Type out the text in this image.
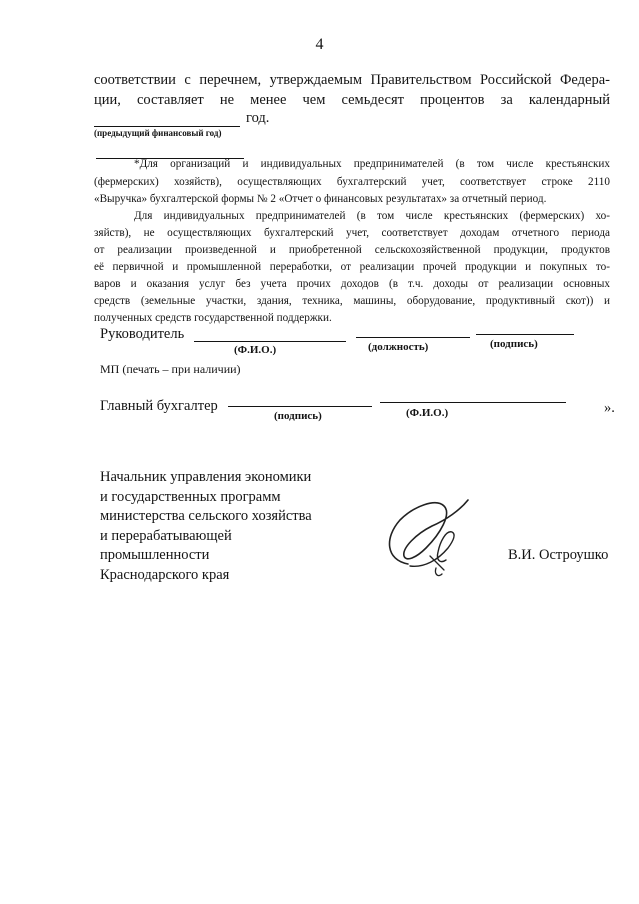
4
соответствии с перечнем, утверждаемым Правительством Российской Федера-
ции, составляет не менее чем семьдесят процентов за календарный
год.
(предыдущий финансовый год)
*Для организаций и индивидуальных предпринимателей (в том числе крестьянских
(фермерских) хозяйств), осуществляющих бухгалтерский учет, соответствует строке 2110
«Выручка» бухгалтерской формы № 2 «Отчет о финансовых результатах» за отчетный период.
Для индивидуальных предпринимателей (в том числе крестьянских (фермерских) хо-
зяйств), не осуществляющих бухгалтерский учет, соответствует доходам отчетного периода
от реализации произведенной и приобретенной сельскохозяйственной продукции, продуктов
её первичной и промышленной переработки, от реализации прочей продукции и покупных то-
варов и оказания услуг без учета прочих доходов (в т.ч. доходы от реализации основных
средств (земельные участки, здания, техника, машины, оборудование, продуктивный скот)) и
полученных средств государственной поддержки.
Руководитель
(Ф.И.О.)	(должность)	(подпись)
МП (печать – при наличии)
Главный бухгалтер
(подпись)	(Ф.И.О.)	».
Начальник управления экономики
и государственных программ
министерства сельского хозяйства
и перерабатывающей
промышленности
Краснодарского края
В.И. Остроушко
